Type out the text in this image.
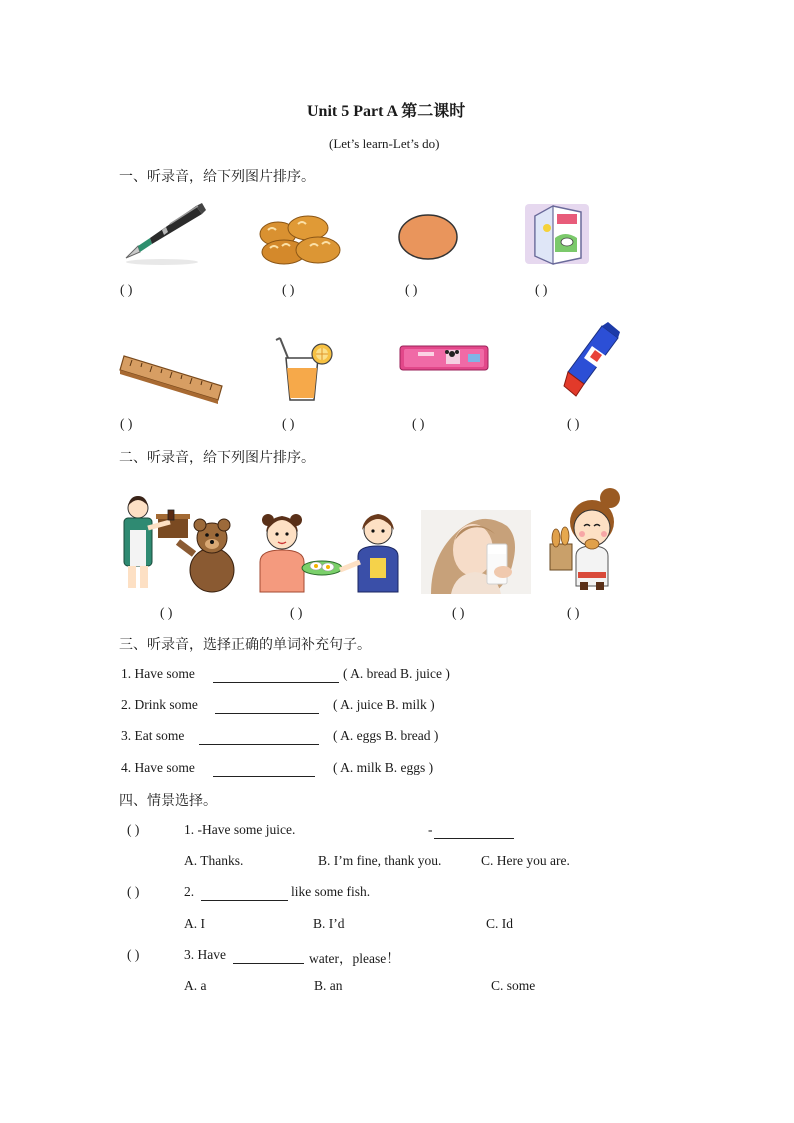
Unit 5 Part A 第二课时
(Let’s learn-Let’s do)
一、听录音，给下列图片排序。
( )	( )	( )	( )
( )	( )	( )	( )
二、听录音，给下列图片排序。
( )	( )	( )	( )
三、听录音，选择正确的单词补充句子。
1. Have some	( A. bread B. juice )
2. Drink some	( A. juice B. milk )
3. Eat some	( A. eggs B. bread )
4. Have some	( A. milk B. eggs )
四、情景选择。
( )	1. -Have some juice.	-
A. Thanks.	B. I’m fine, thank you.	C. Here you are.
( )	2.	like some fish.
A. I	B. I’d	C. Id
( )	3. Have	water，please！
A. a	B. an	C. some
